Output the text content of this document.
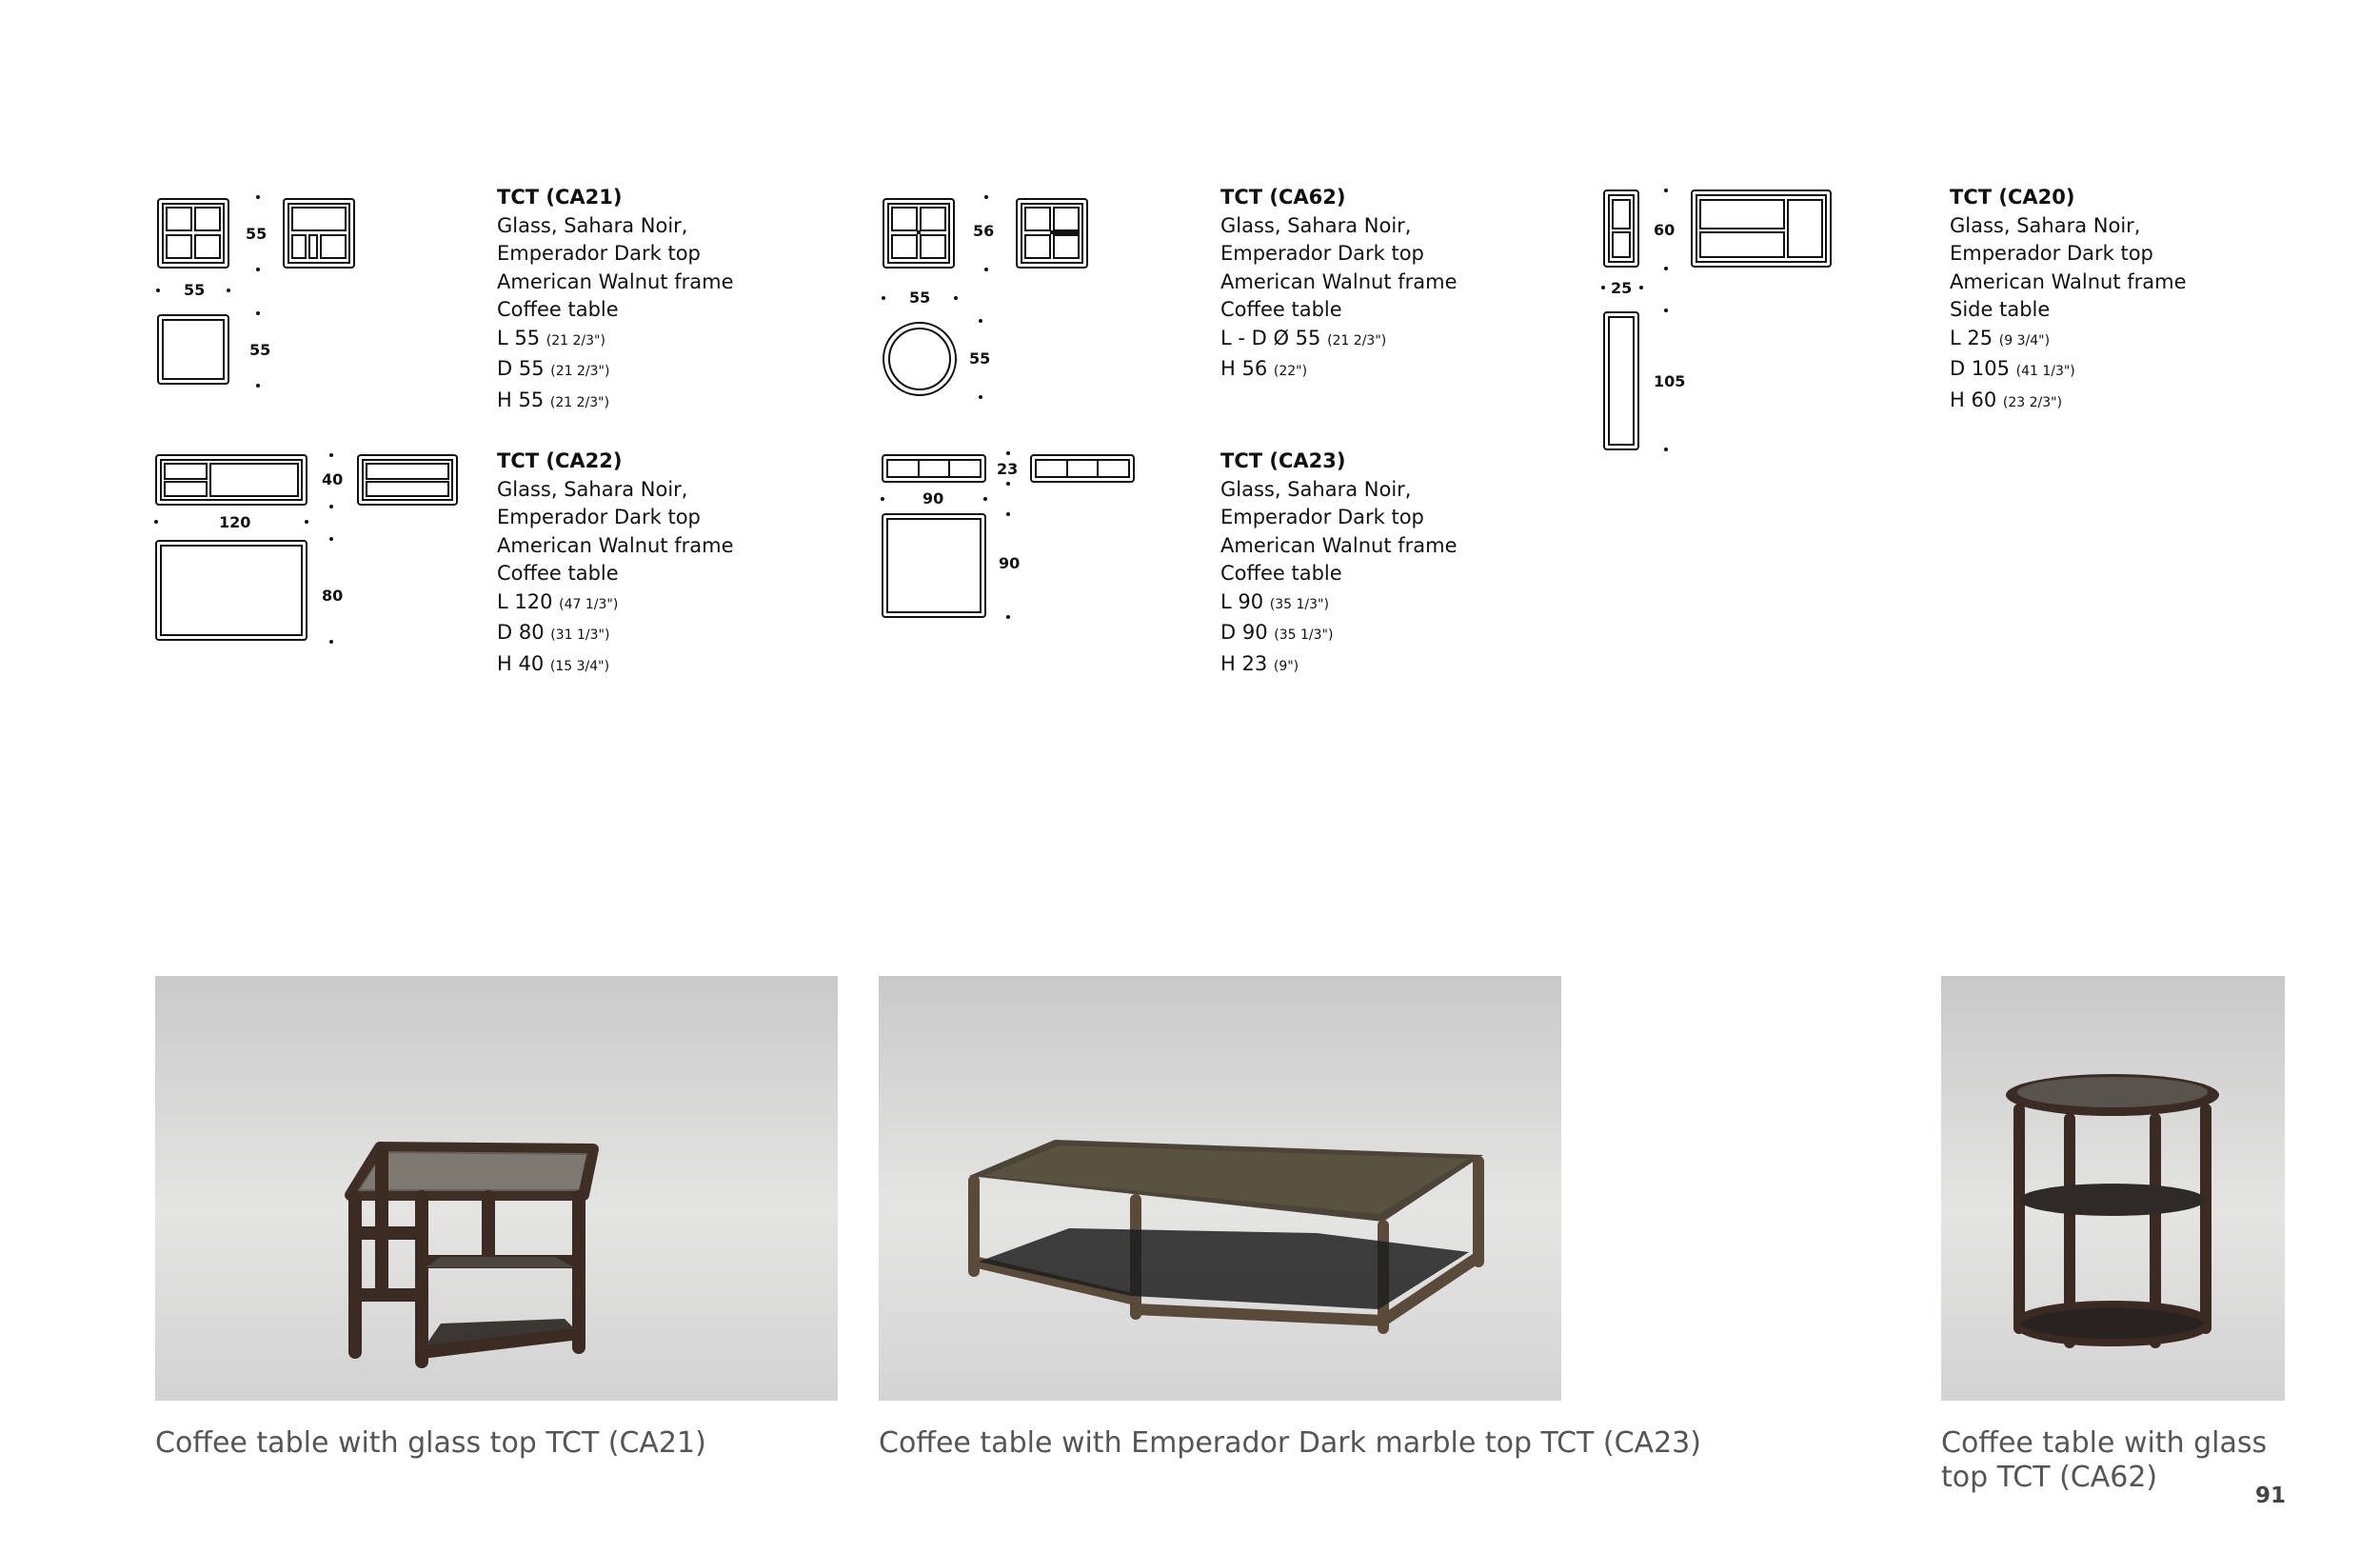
55
55
55
TCT (CA21)
Glass, Sahara Noir,
Emperador Dark top
American Walnut frame
Coffee table
L 55 (21 2/3")
D 55 (21 2/3")
H 55 (21 2/3")
56
55
55
TCT (CA62)
Glass, Sahara Noir,
Emperador Dark top
American Walnut frame
Coffee table
L - D Ø 55 (21 2/3")
H 56 (22")
60
25
105
TCT (CA20)
Glass, Sahara Noir,
Emperador Dark top
American Walnut frame
Side table
L 25 (9 3/4")
D 105 (41 1/3")
H 60 (23 2/3")
40
120
80
TCT (CA22)
Glass, Sahara Noir,
Emperador Dark top
American Walnut frame
Coffee table
L 120 (47 1/3")
D 80 (31 1/3")
H 40 (15 3/4")
23
90
90
TCT (CA23)
Glass, Sahara Noir,
Emperador Dark top
American Walnut frame
Coffee table
L 90 (35 1/3")
D 90 (35 1/3")
H 23 (9")
Coffee table with glass top TCT (CA21)	Coffee table with Emperador Dark marble top TCT (CA23)	Coffee table with glass top TCT (CA62)
91
